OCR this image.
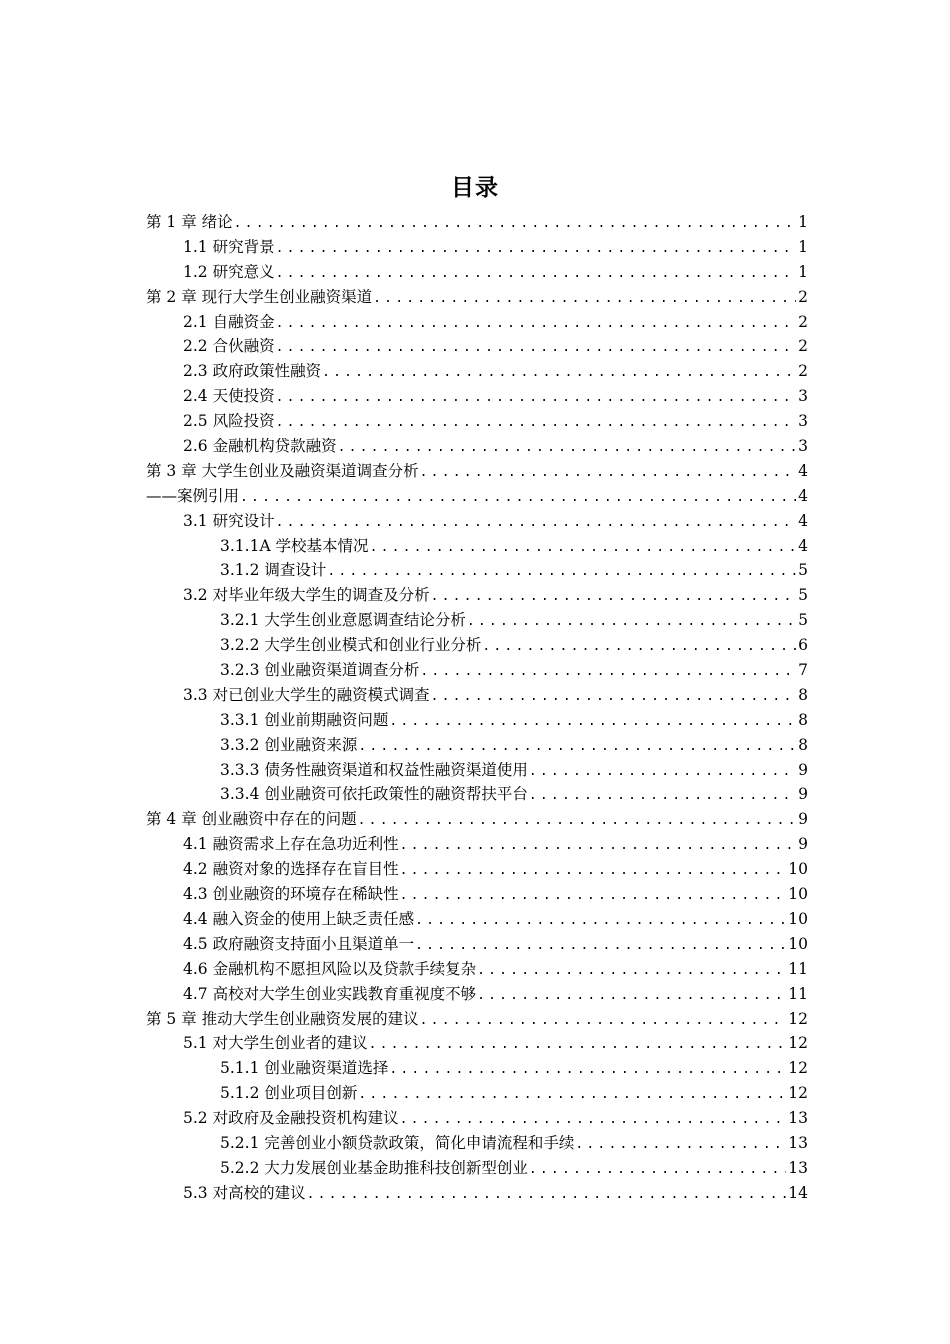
目录
第 1 章 绪论 .....	1
1.1 研究背景 .....	1
1.2 研究意义 .....	1
第 2 章 现行大学生创业融资渠道 .....	2
2.1 自融资金 .....	2
2.2 合伙融资 .....	2
2.3 政府政策性融资 .....	2
2.4 天使投资 .....	3
2.5 风险投资 .....	3
2.6 金融机构贷款融资 .....	3
第 3 章 大学生创业及融资渠道调查分析 .....	4
——案例引用 .....	4
3.1 研究设计 .....	4
3.1.1A 学校基本情况 .....	4
3.1.2 调查设计 .....	5
3.2 对毕业年级大学生的调查及分析 .....	5
3.2.1 大学生创业意愿调查结论分析 .....	5
3.2.2 大学生创业模式和创业行业分析 .....	6
3.2.3 创业融资渠道调查分析 .....	7
3.3 对已创业大学生的融资模式调查 .....	8
3.3.1 创业前期融资问题 .....	8
3.3.2 创业融资来源 .....	8
3.3.3 债务性融资渠道和权益性融资渠道使用 .....	9
3.3.4 创业融资可依托政策性的融资帮扶平台 .....	9
第 4 章 创业融资中存在的问题 .....	9
4.1 融资需求上存在急功近利性 .....	9
4.2 融资对象的选择存在盲目性 .....	10
4.3 创业融资的环境存在稀缺性 .....	10
4.4 融入资金的使用上缺乏责任感 .....	10
4.5 政府融资支持面小且渠道单一 .....	10
4.6 金融机构不愿担风险以及贷款手续复杂 .....	11
4.7 高校对大学生创业实践教育重视度不够 .....	11
第 5 章 推动大学生创业融资发展的建议 .....	12
5.1 对大学生创业者的建议 .....	12
5.1.1 创业融资渠道选择 .....	12
5.1.2 创业项目创新 .....	12
5.2 对政府及金融投资机构建议 .....	13
5.2.1 完善创业小额贷款政策，简化申请流程和手续 .....	13
5.2.2 大力发展创业基金助推科技创新型创业 .....	13
5.3 对高校的建议 .....	14
